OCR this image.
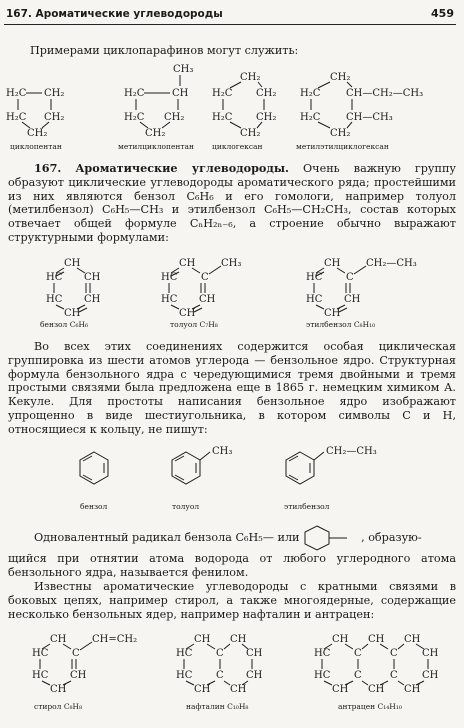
167. Ароматические углеводороды	459
Примерами циклопарафинов могут служить:
H₂C CH₂
H₂C CH₂
CH₂
CH₃
H₂C	CH
H₂C CH₂
CH₂
CH₂
H₂C CH₂
H₂C CH₂
CH₂
CH₂
H₂C	CH—CH₂—CH₃
H₂C	CH—CH₃
CH₂
циклопентан	метилциклопентан циклогексан	метилэтилциклогексан

167. Ароматические углеводороды. Очень важную группу образуют циклические углеводороды ароматического ряда; простейшими из них являются бензол C₆H₆ и его гомологи, например толуол (метилбензол) C₆H₅—CH₃ и этилбензол C₆H₅—CH₂CH₃, состав которых отвечает общей формуле CₙH₂ₙ₋₆, а строение обычно выражают структурными формулами:

CH
HC CH
HC CH
CH
CH
HC C
CH₃
HC CH
CH
CH
HC C
CH₂—CH₃
HC CH
CH
бензол C₆H₆	толуол C₇H₈	этилбензол C₈H₁₀

Во всех этих соединениях содержится особая циклическая группировка из шести атомов углерода — бензольное ядро. Структурная формула бензольного ядра с чередующимися тремя двойными и тремя простыми связями была предложена еще в 1865 г. немецким химиком А. Кекуле. Для простоты написания бензольное ядро изображают упрощенно в виде шестиугольника, в котором символы C и H, относящиеся к кольцу, не пишут:

CH₃	CH₂—CH₃
бензол	толуол	этилбензол
Одновалентный радикал бензола C₆H₅— или	, образую-
щийся при отнятии атома водорода от любого углеродного атома бензольного ядра, называется фенилом.

Известны ароматические углеводороды с кратными связями в боковых цепях, например стирол, а также многоядерные, содержащие несколько бензольных ядер, например нафталин и антрацен:

CH
HC C
CH=CH₂
HC CH
CH
CH CH
HC C CH
HC C CH
CH CH
CH CH CH
HC C	C CH
HC C	C CH
CH CH CH
стирол C₈H₈	нафталин C₁₀H₈	антрацен C₁₄H₁₀
